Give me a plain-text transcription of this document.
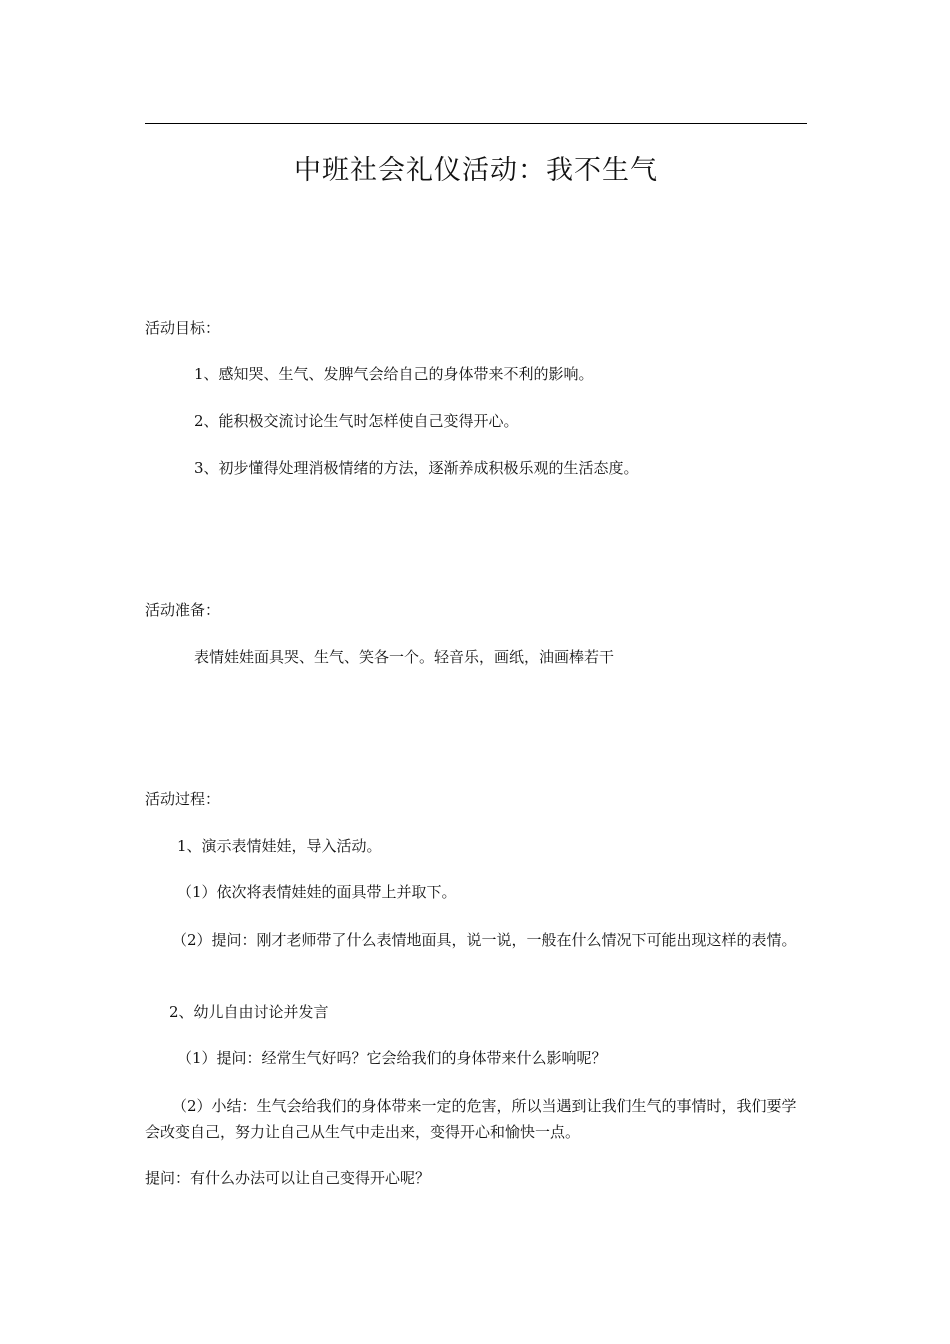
中班社会礼仪活动：我不生气
活动目标：
1、感知哭、生气、发脾气会给自己的身体带来不利的影响。
2、能积极交流讨论生气时怎样使自己变得开心。
3、初步懂得处理消极情绪的方法，逐渐养成积极乐观的生活态度。
活动准备：
表情娃娃面具哭、生气、笑各一个。轻音乐，画纸，油画棒若干
活动过程：
1、演示表情娃娃，导入活动。
（1）依次将表情娃娃的面具带上并取下。
（2）提问：刚才老师带了什么表情地面具，说一说，一般在什么情况下可能出现这样的表情。
2、幼儿自由讨论并发言
（1）提问：经常生气好吗？它会给我们的身体带来什么影响呢？
（2）小结：生气会给我们的身体带来一定的危害，所以当遇到让我们生气的事情时，我们要学会改变自己，努力让自己从生气中走出来，变得开心和愉快一点。
提问：有什么办法可以让自己变得开心呢？
